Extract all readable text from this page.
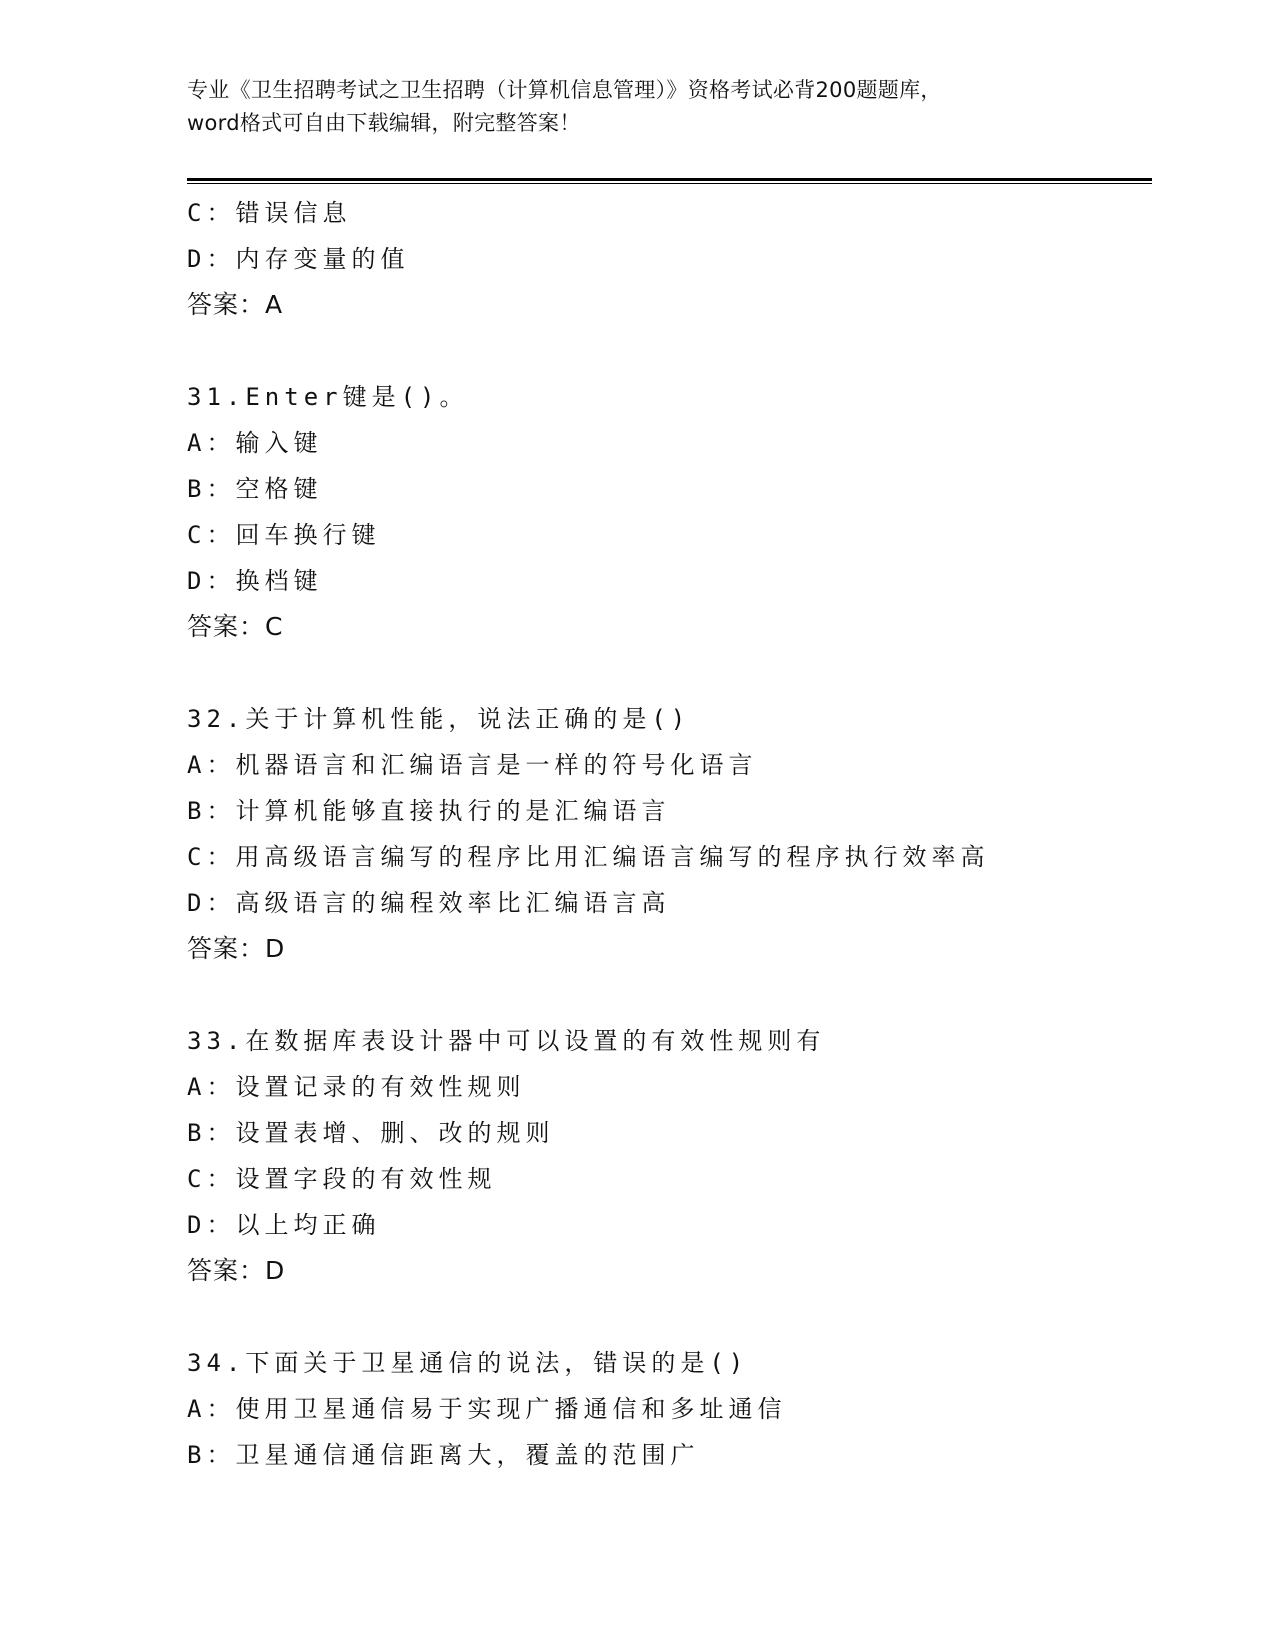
专业《卫生招聘考试之卫生招聘（计算机信息管理）》资格考试必背200题题库，
word格式可自由下载编辑，附完整答案！
C：错误信息
D：内存变量的值
答案：A
31.Enter键是()。
A：输入键
B：空格键
C：回车换行键
D：换档键
答案：C
32.关于计算机性能，说法正确的是()
A：机器语言和汇编语言是一样的符号化语言
B：计算机能够直接执行的是汇编语言
C：用高级语言编写的程序比用汇编语言编写的程序执行效率高
D：高级语言的编程效率比汇编语言高
答案：D
33.在数据库表设计器中可以设置的有效性规则有
A：设置记录的有效性规则
B：设置表增、删、改的规则
C：设置字段的有效性规
D：以上均正确
答案：D
34.下面关于卫星通信的说法，错误的是()
A：使用卫星通信易于实现广播通信和多址通信
B：卫星通信通信距离大，覆盖的范围广
